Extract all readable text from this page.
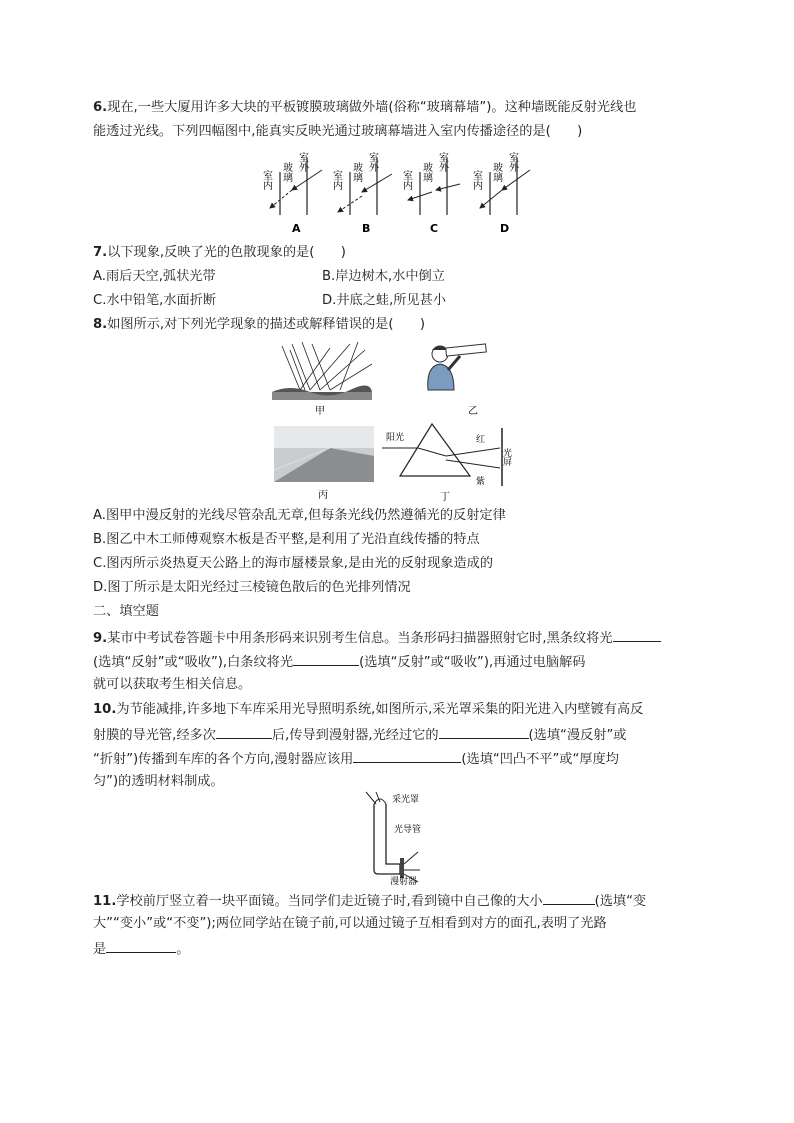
6.现在,一些大厦用许多大块的平板镀膜玻璃做外墙(俗称“玻璃幕墙”)。这种墙既能反射光线也
能透过光线。下列四幅图中,能真实反映光通过玻璃幕墙进入室内传播途径的是(　　)
室内 玻璃 室外
A
室内 玻璃 室外
B
室内 玻璃 室外
C
室内 玻璃 室外
D
7.以下现象,反映了光的色散现象的是(　　)
A.雨后天空,弧状光带	B.岸边树木,水中倒立
C.水中铅笔,水面折断	D.井底之蛙,所见甚小
8.如图所示,对下列光学现象的描述或解释错误的是(　　)
甲	乙
丙
阳光	红
紫
光屏
丁
A.图甲中漫反射的光线尽管杂乱无章,但每条光线仍然遵循光的反射定律
B.图乙中木工师傅观察木板是否平整,是利用了光沿直线传播的特点
C.图丙所示炎热夏天公路上的海市蜃楼景象,是由光的反射现象造成的
D.图丁所示是太阳光经过三棱镜色散后的色光排列情况
二、填空题
9.某市中考试卷答题卡中用条形码来识别考生信息。当条形码扫描器照射它时,黑条纹将光
(选填“反射”或“吸收”),白条纹将光	(选填“反射”或“吸收”),再通过电脑解码
就可以获取考生相关信息。
10.为节能减排,许多地下车库采用光导照明系统,如图所示,采光罩采集的阳光进入内壁镀有高反
射膜的导光管,经多次	后,传导到漫射器,光经过它的	(选填“漫反射”或
“折射”)传播到车库的各个方向,漫射器应该用	(选填“凹凸不平”或“厚度均
匀”)的透明材料制成。
采光罩
光导管
漫射器
11.学校前厅竖立着一块平面镜。当同学们走近镜子时,看到镜中自己像的大小	(选填“变
大”“变小”或“不变”);两位同学站在镜子前,可以通过镜子互相看到对方的面孔,表明了光路
是	。
